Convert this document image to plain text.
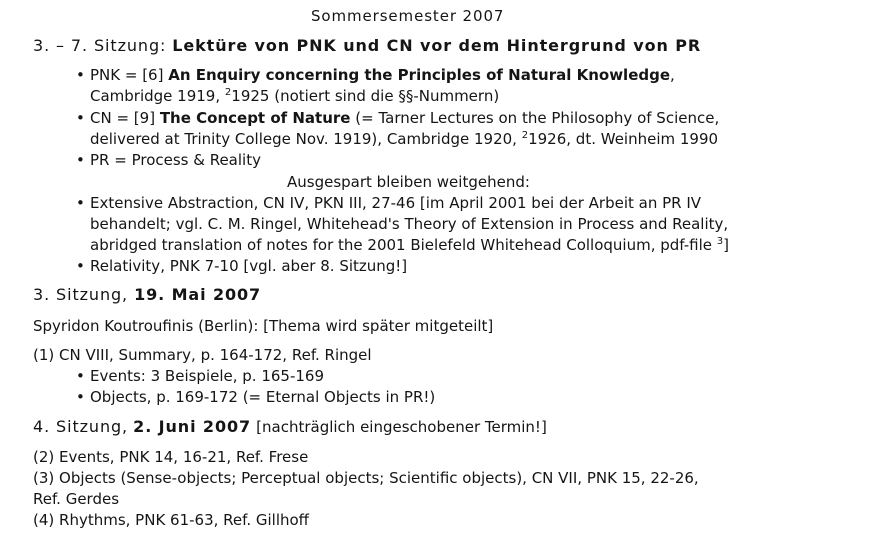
Sommersemester 2007
3. – 7. Sitzung: Lektüre von PNK und CN vor dem Hintergrund von PR
• PNK = [6] An Enquiry concerning the Principles of Natural Knowledge,
Cambridge 1919, $^2$1925 (notiert sind die §§-Nummern)
• CN = [9] The Concept of Nature (= Tarner Lectures on the Philosophy of Science,
delivered at Trinity College Nov. 1919), Cambridge 1920, $^2$1926, dt. Weinheim 1990
• PR = Process & Reality
Ausgespart bleiben weitgehend:
• Extensive Abstraction, CN IV, PKN III, 27-46 [im April 2001 bei der Arbeit an PR IV
behandelt; vgl. C. M. Ringel, Whitehead's Theory of Extension in Process and Reality,
abridged translation of notes for the 2001 Bielefeld Whitehead Colloquium, pdf-file $^3$]
• Relativity, PNK 7-10 [vgl. aber 8. Sitzung!]
3. Sitzung, 19. Mai 2007
Spyridon Koutroufinis (Berlin): [Thema wird später mitgeteilt]
(1) CN VIII, Summary, p. 164-172, Ref. Ringel
• Events: 3 Beispiele, p. 165-169
• Objects, p. 169-172 (= Eternal Objects in PR!)
4. Sitzung, 2. Juni 2007 [nachträglich eingeschobener Termin!]
(2) Events, PNK 14, 16-21, Ref. Frese
(3) Objects (Sense-objects; Perceptual objects; Scientific objects), CN VII, PNK 15, 22-26,
Ref. Gerdes
(4) Rhythms, PNK 61-63, Ref. Gillhoff
